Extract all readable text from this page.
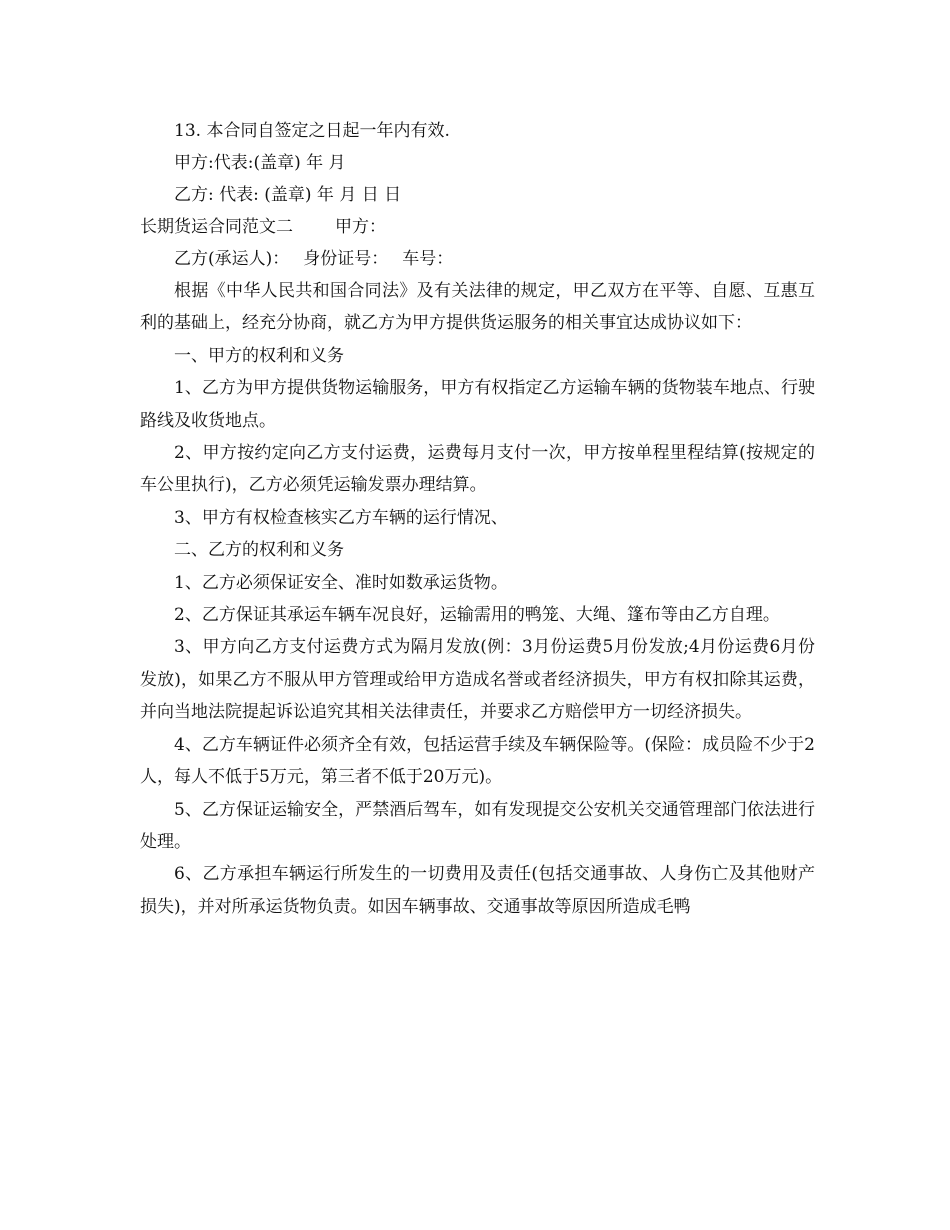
13. 本合同自签定之日起一年内有效.
甲方:代表:(盖章) 年 月
乙方: 代表: (盖章) 年 月 日 日
长期货运合同范文二 甲方：
乙方(承运人)： 身份证号： 车号：

根据《中华人民共和国合同法》及有关法律的规定，甲乙双方在平等、自愿、互惠互利的基础上，经充分协商，就乙方为甲方提供货运服务的相关事宜达成协议如下：

一、甲方的权利和义务

1、乙方为甲方提供货物运输服务，甲方有权指定乙方运输车辆的货物装车地点、行驶路线及收货地点。

2、甲方按约定向乙方支付运费，运费每月支付一次，甲方按单程里程结算(按规定的车公里执行)，乙方必须凭运输发票办理结算。

3、甲方有权检查核实乙方车辆的运行情况、

二、乙方的权利和义务

1、乙方必须保证安全、准时如数承运货物。

2、乙方保证其承运车辆车况良好，运输需用的鸭笼、大绳、篷布等由乙方自理。

3、甲方向乙方支付运费方式为隔月发放(例：3月份运费5月份发放;4月份运费6月份发放)，如果乙方不服从甲方管理或给甲方造成名誉或者经济损失，甲方有权扣除其运费，并向当地法院提起诉讼追究其相关法律责任，并要求乙方赔偿甲方一切经济损失。

4、乙方车辆证件必须齐全有效，包括运营手续及车辆保险等。(保险：成员险不少于2人，每人不低于5万元，第三者不低于20万元)。

5、乙方保证运输安全，严禁酒后驾车，如有发现提交公安机关交通管理部门依法进行处理。

6、乙方承担车辆运行所发生的一切费用及责任(包括交通事故、人身伤亡及其他财产损失)，并对所承运货物负责。如因车辆事故、交通事故等原因所造成毛鸭
